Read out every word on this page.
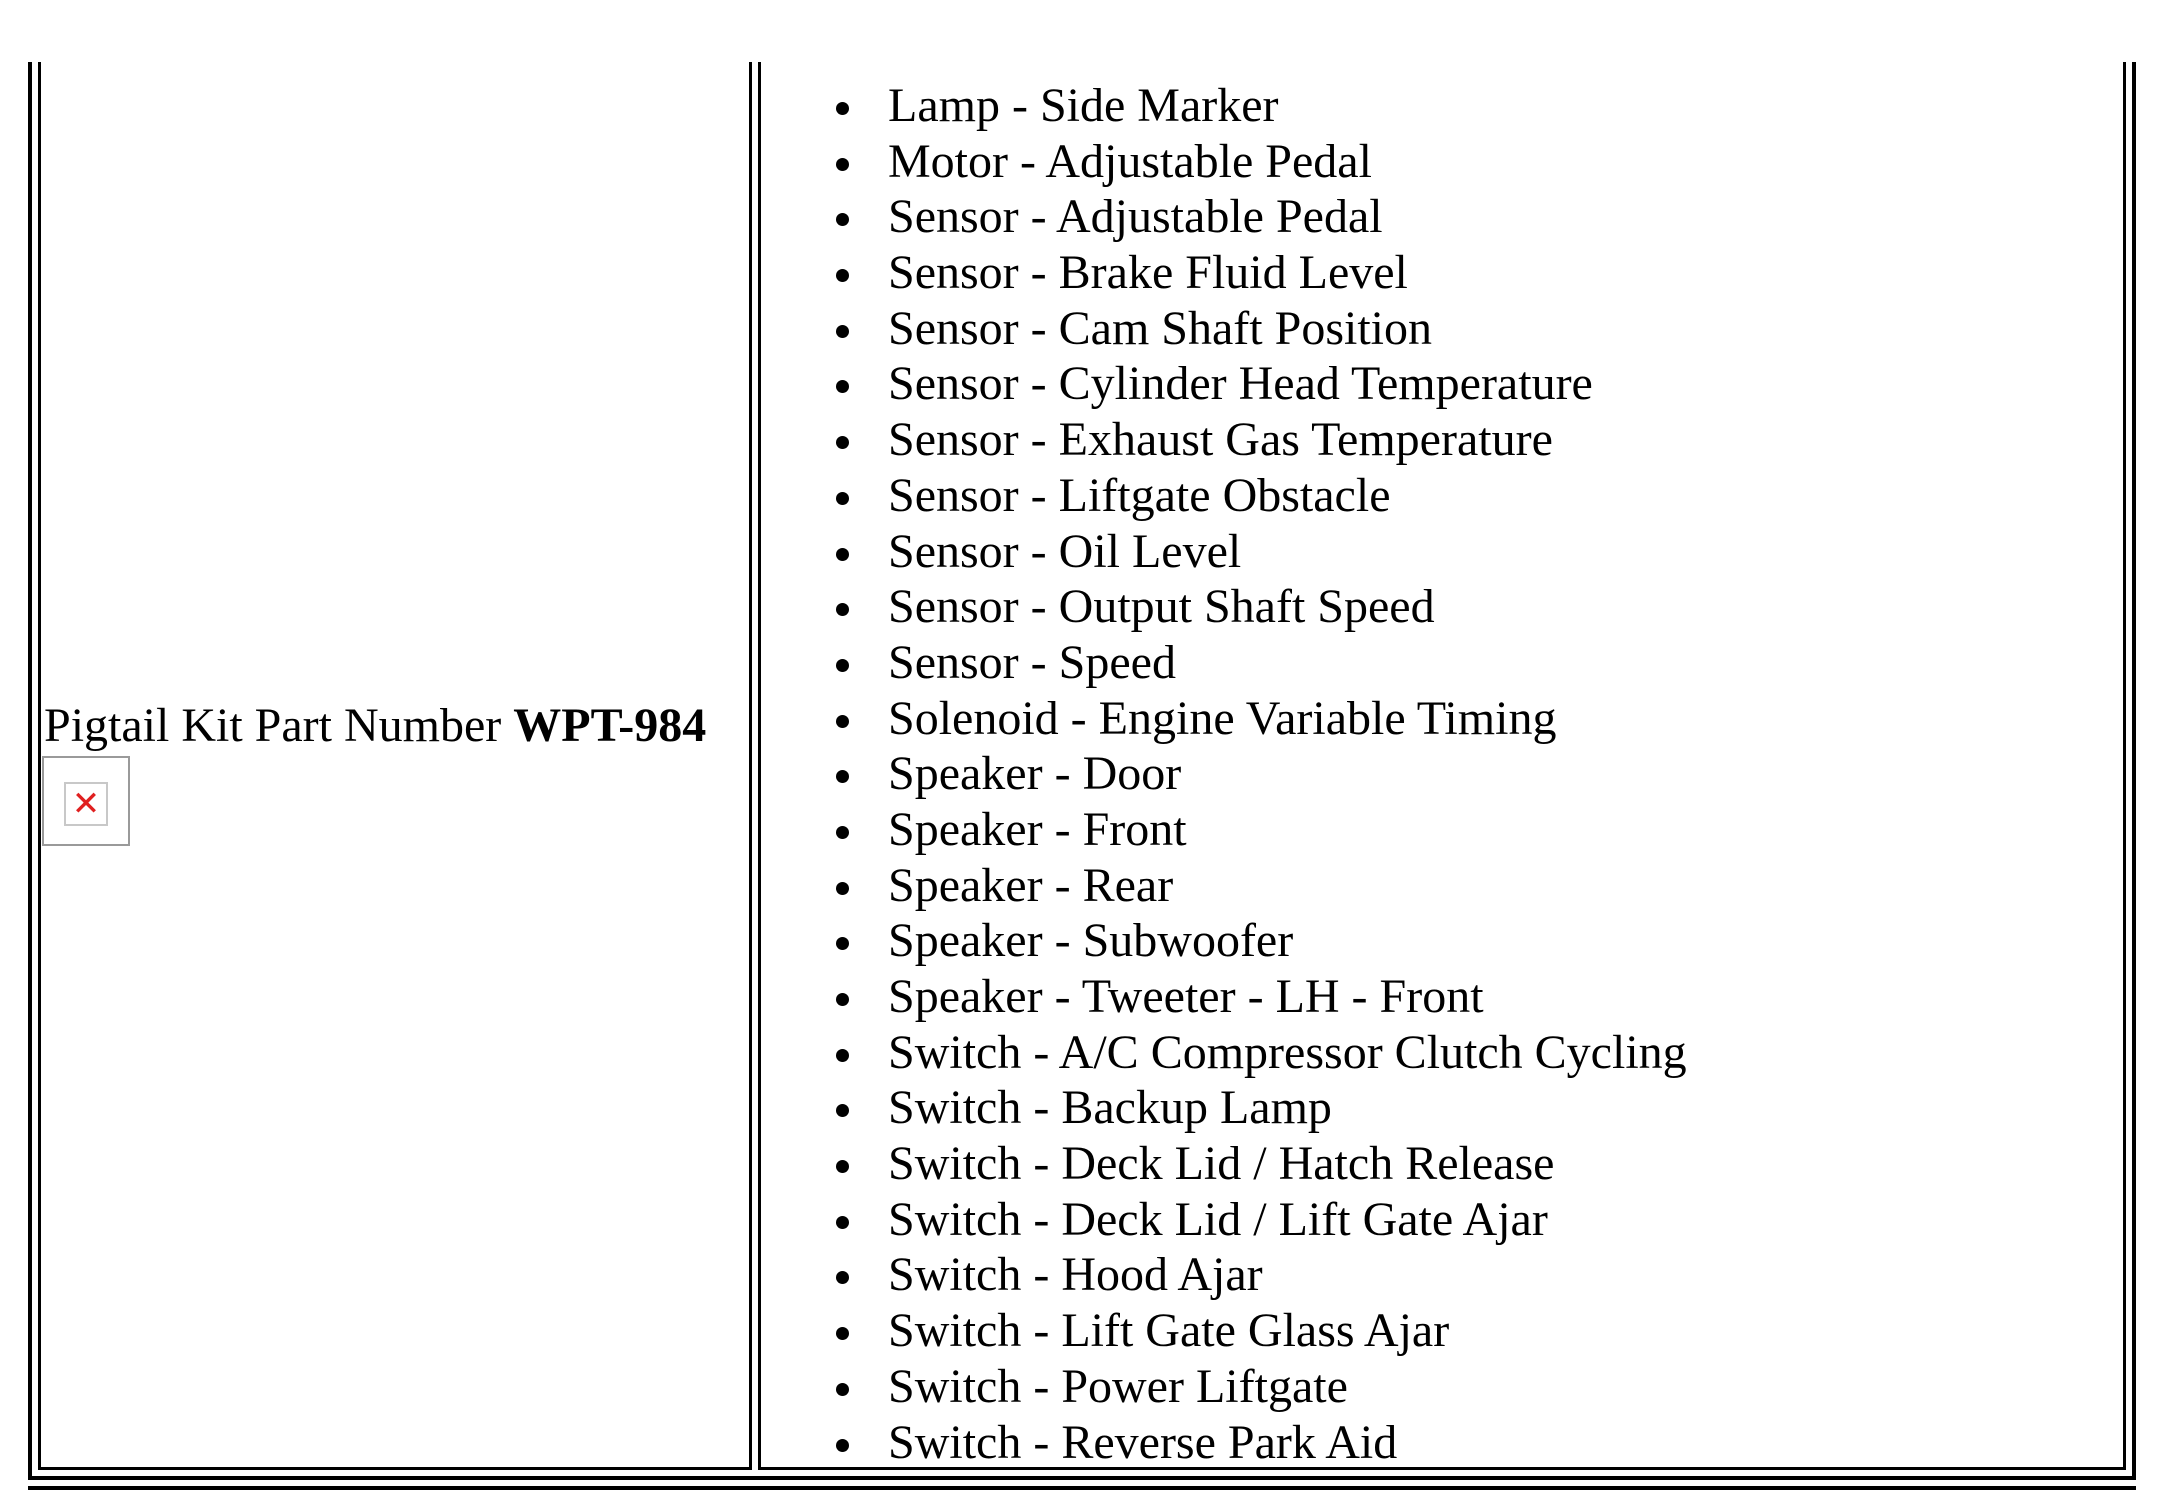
Pigtail Kit Part Number WPT-984
✕
Lamp - Side Marker
Motor - Adjustable Pedal
Sensor - Adjustable Pedal
Sensor - Brake Fluid Level
Sensor - Cam Shaft Position
Sensor - Cylinder Head Temperature
Sensor - Exhaust Gas Temperature
Sensor - Liftgate Obstacle
Sensor - Oil Level
Sensor - Output Shaft Speed
Sensor - Speed
Solenoid - Engine Variable Timing
Speaker - Door
Speaker - Front
Speaker - Rear
Speaker - Subwoofer
Speaker - Tweeter - LH - Front
Switch - A/C Compressor Clutch Cycling
Switch - Backup Lamp
Switch - Deck Lid / Hatch Release
Switch - Deck Lid / Lift Gate Ajar
Switch - Hood Ajar
Switch - Lift Gate Glass Ajar
Switch - Power Liftgate
Switch - Reverse Park Aid
